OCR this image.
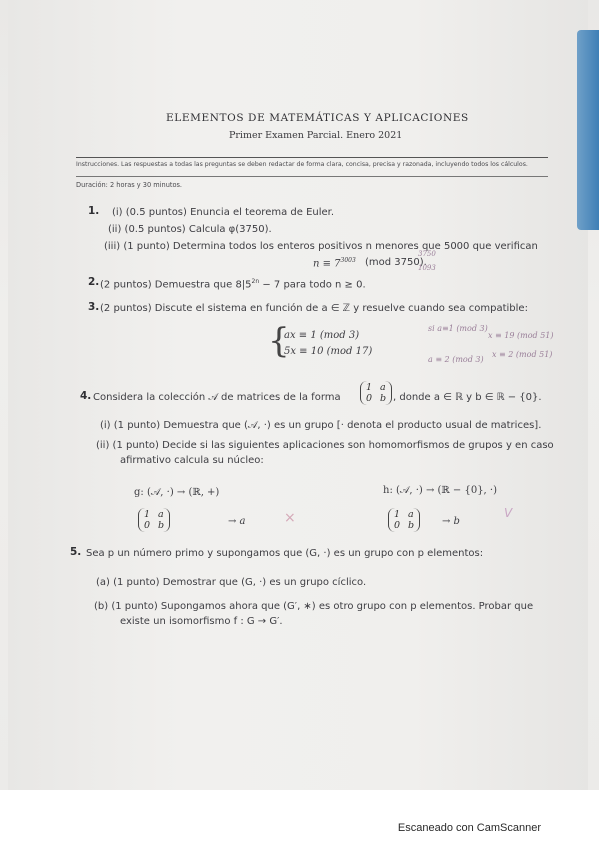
ELEMENTOS DE MATEMÁTICAS Y APLICACIONES
Primer Examen Parcial. Enero 2021
Instrucciones. Las respuestas a todas las preguntas se deben redactar de forma clara, concisa, precisa y razonada, incluyendo todos los cálculos.
Duración: 2 horas y 30 minutos.
1. (i) (0.5 puntos) Enuncia el teorema de Euler.
(ii) (0.5 puntos) Calcula φ(3750).
(iii) (1 punto) Determina todos los enteros positivos n menores que 5000 que verifican
$n \equiv 7^{3003}$ (mod 3750).
3750
1093
2. (2 puntos) Demuestra que $8|5^{2n} - 7$ para todo n ≥ 0.
3. (2 puntos) Discute el sistema en función de a ∈ ℤ y resuelve cuando sea compatible:
{
ax ≡ 1 (mod 3)
5x ≡ 10 (mod 17)
si a≡1 (mod 3)
x ≡ 19 (mod 51)
a ≡ 2 (mod 3)
x ≡ 2 (mod 51)
4. Considera la colección 𝒜 de matrices de la forma
1 a
0 b , donde a ∈ ℝ y b ∈ ℝ − {0}.
(i) (1 punto) Demuestra que (𝒜, ·) es un grupo [· denota el producto usual de matrices].
(ii) (1 punto) Decide si las siguientes aplicaciones son homomorfismos de grupos y en caso
afirmativo calcula su núcleo:
g: (𝒜, ·) → (ℝ, +)
1 a
0 b	→ a	×
h: (𝒜, ·) → (ℝ − {0}, ·)
1 a
0 b	→ b
V
5. Sea p un número primo y supongamos que (G, ·) es un grupo con p elementos:
(a) (1 punto) Demostrar que (G, ·) es un grupo cíclico.
(b) (1 punto) Supongamos ahora que (G′, ∗) es otro grupo con p elementos. Probar que
existe un isomorfismo f : G → G′.
Escaneado con CamScanner
